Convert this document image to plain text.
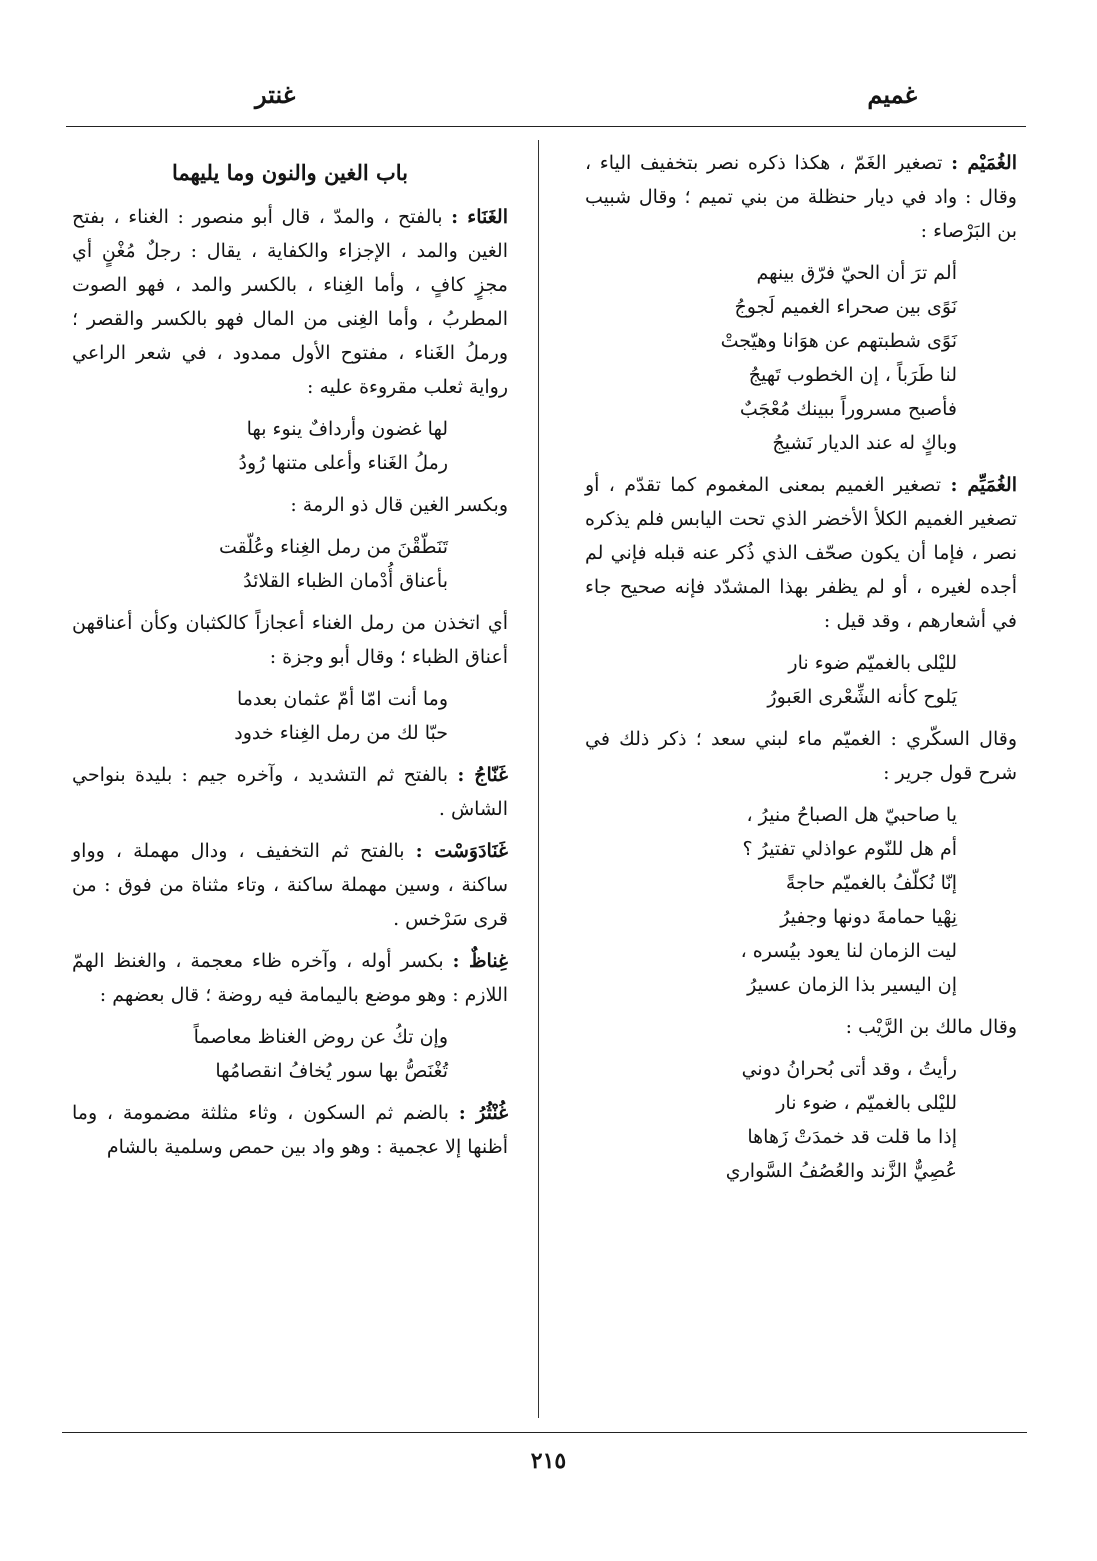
غميم
غنتر

الغُمَيْم : تصغير الغَمّ ، هكذا ذكره نصر بتخفيف الياء ، وقال : واد في ديار حنظلة من بني تميم ؛ وقال شبيب بن البَرْصاء :

ألم ترَ أن الحيّ فرّق بينهم
نَوًى بين صحراء الغميم لَجوجُ
نَوًى شطبتهم عن هوَانا وهيّجتْ
لنا طَرَباً ، إن الخطوب تَهيجُ
فأصبح مسروراً ببينك مُعْجَبٌ
وباكٍ له عند الديار نَشيجُ

الغُمَيِّم : تصغير الغميم بمعنى المغموم كما تقدّم ، أو تصغير الغميم الكلأ الأخضر الذي تحت اليابس فلم يذكره نصر ، فإما أن يكون صحّف الذي ذُكر عنه قبله فإني لم أجده لغيره ، أو لم يظفر بهذا المشدّد فإنه صحيح جاء في أشعارهم ، وقد قيل :

لليْلى بالغميّم ضوء نار
يَلوح كأنه الشِّعْرى العَبورُ

وقال السكّري : الغميّم ماء لبني سعد ؛ ذكر ذلك في شرح قول جرير :

يا صاحبيّ هل الصباحُ منيرُ ،
أم هل للنّوم عواذلي تفتيرُ ؟
إنّا نُكلّفُ بالغميّم حاجةً
نِهْيا حمامةَ دونها وجفيرُ
ليت الزمان لنا يعود بيُسره ،
إن اليسير بذا الزمان عسيرُ

وقال مالك بن الرَّيْب :

رأيتُ ، وقد أتى بُحرانُ دوني
لليْلى بالغميّم ، ضوء نار
إذا ما قلت قد خمدَتْ زَهاها
عُصِيٌّ الزَّند والعُصُفُ السَّواري
باب الغين والنون وما يليهما

الغَنَاء : بالفتح ، والمدّ ، قال أبو منصور : الغناء ، بفتح الغين والمد ، الإجزاء والكفاية ، يقال : رجلٌ مُغْنٍ أي مجزٍ كافٍ ، وأما الغِناء ، بالكسر والمد ، فهو الصوت المطربُ ، وأما الغِنى من المال فهو بالكسر والقصر ؛ ورملُ الغَناء ، مفتوح الأول ممدود ، في شعر الراعي رواية ثعلب مقروءة عليه :

لها غضون وأردافٌ ينوء بها
رملُ الغَناء وأعلى متنها رُودُ

وبكسر الغين قال ذو الرمة :

تَنَطّقْنَ من رمل الغِناء وعُلّقت
بأعناق أُدْمان الظباء القلائدُ

أي اتخذن من رمل الغناء أعجازاً كالكثبان وكأن أعناقهن أعناق الظباء ؛ وقال أبو وجزة :

وما أنت امّا أمّ عثمان بعدما
حبّا لك من رمل الغِناء خدود

غَنّاجُ : بالفتح ثم التشديد ، وآخره جيم : بليدة بنواحي الشاش .

غَنَادَوَسْت : بالفتح ثم التخفيف ، ودال مهملة ، وواو ساكنة ، وسين مهملة ساكنة ، وتاء مثناة من فوق : من قرى سَرْخس .

غِناظٌ : بكسر أوله ، وآخره ظاء معجمة ، والغنظ الهمّ اللازم : وهو موضع باليمامة فيه روضة ؛ قال بعضهم :

وإن تكُ عن روض الغناظ معاصماً
تُغْنَصُّ بها سور يُخافُ انقصامُها

غُنْثُرُ : بالضم ثم السكون ، وثاء مثلثة مضمومة ، وما أظنها إلا عجمية : وهو واد بين حمص وسلمية بالشام

٢١٥
